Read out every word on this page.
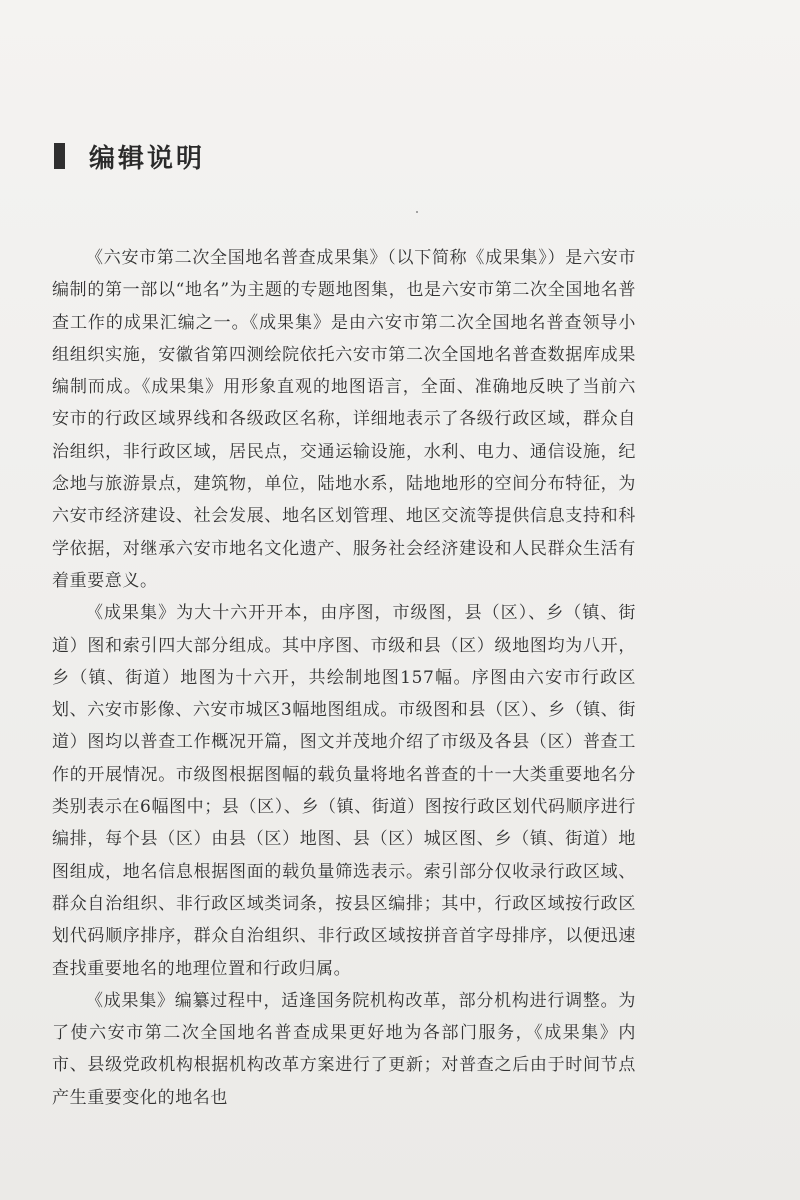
编辑说明

《六安市第二次全国地名普查成果集》（以下简称《成果集》）是六安市编制的第一部以“地名”为主题的专题地图集，也是六安市第二次全国地名普查工作的成果汇编之一。《成果集》是由六安市第二次全国地名普查领导小组组织实施，安徽省第四测绘院依托六安市第二次全国地名普查数据库成果编制而成。《成果集》用形象直观的地图语言，全面、准确地反映了当前六安市的行政区域界线和各级政区名称，详细地表示了各级行政区域，群众自治组织，非行政区域，居民点，交通运输设施，水利、电力、通信设施，纪念地与旅游景点，建筑物，单位，陆地水系，陆地地形的空间分布特征，为六安市经济建设、社会发展、地名区划管理、地区交流等提供信息支持和科学依据，对继承六安市地名文化遗产、服务社会经济建设和人民群众生活有着重要意义。

《成果集》为大十六开开本，由序图，市级图，县（区）、乡（镇、街道）图和索引四大部分组成。其中序图、市级和县（区）级地图均为八开，乡（镇、街道）地图为十六开，共绘制地图157幅。序图由六安市行政区划、六安市影像、六安市城区3幅地图组成。市级图和县（区）、乡（镇、街道）图均以普查工作概况开篇，图文并茂地介绍了市级及各县（区）普查工作的开展情况。市级图根据图幅的载负量将地名普查的十一大类重要地名分类别表示在6幅图中；县（区）、乡（镇、街道）图按行政区划代码顺序进行编排，每个县（区）由县（区）地图、县（区）城区图、乡（镇、街道）地图组成，地名信息根据图面的载负量筛选表示。索引部分仅收录行政区域、群众自治组织、非行政区域类词条，按县区编排；其中，行政区域按行政区划代码顺序排序，群众自治组织、非行政区域按拼音首字母排序，以便迅速查找重要地名的地理位置和行政归属。

《成果集》编纂过程中，适逢国务院机构改革，部分机构进行调整。为了使六安市第二次全国地名普查成果更好地为各部门服务，《成果集》内市、县级党政机构根据机构改革方案进行了更新；对普查之后由于时间节点产生重要变化的地名也
